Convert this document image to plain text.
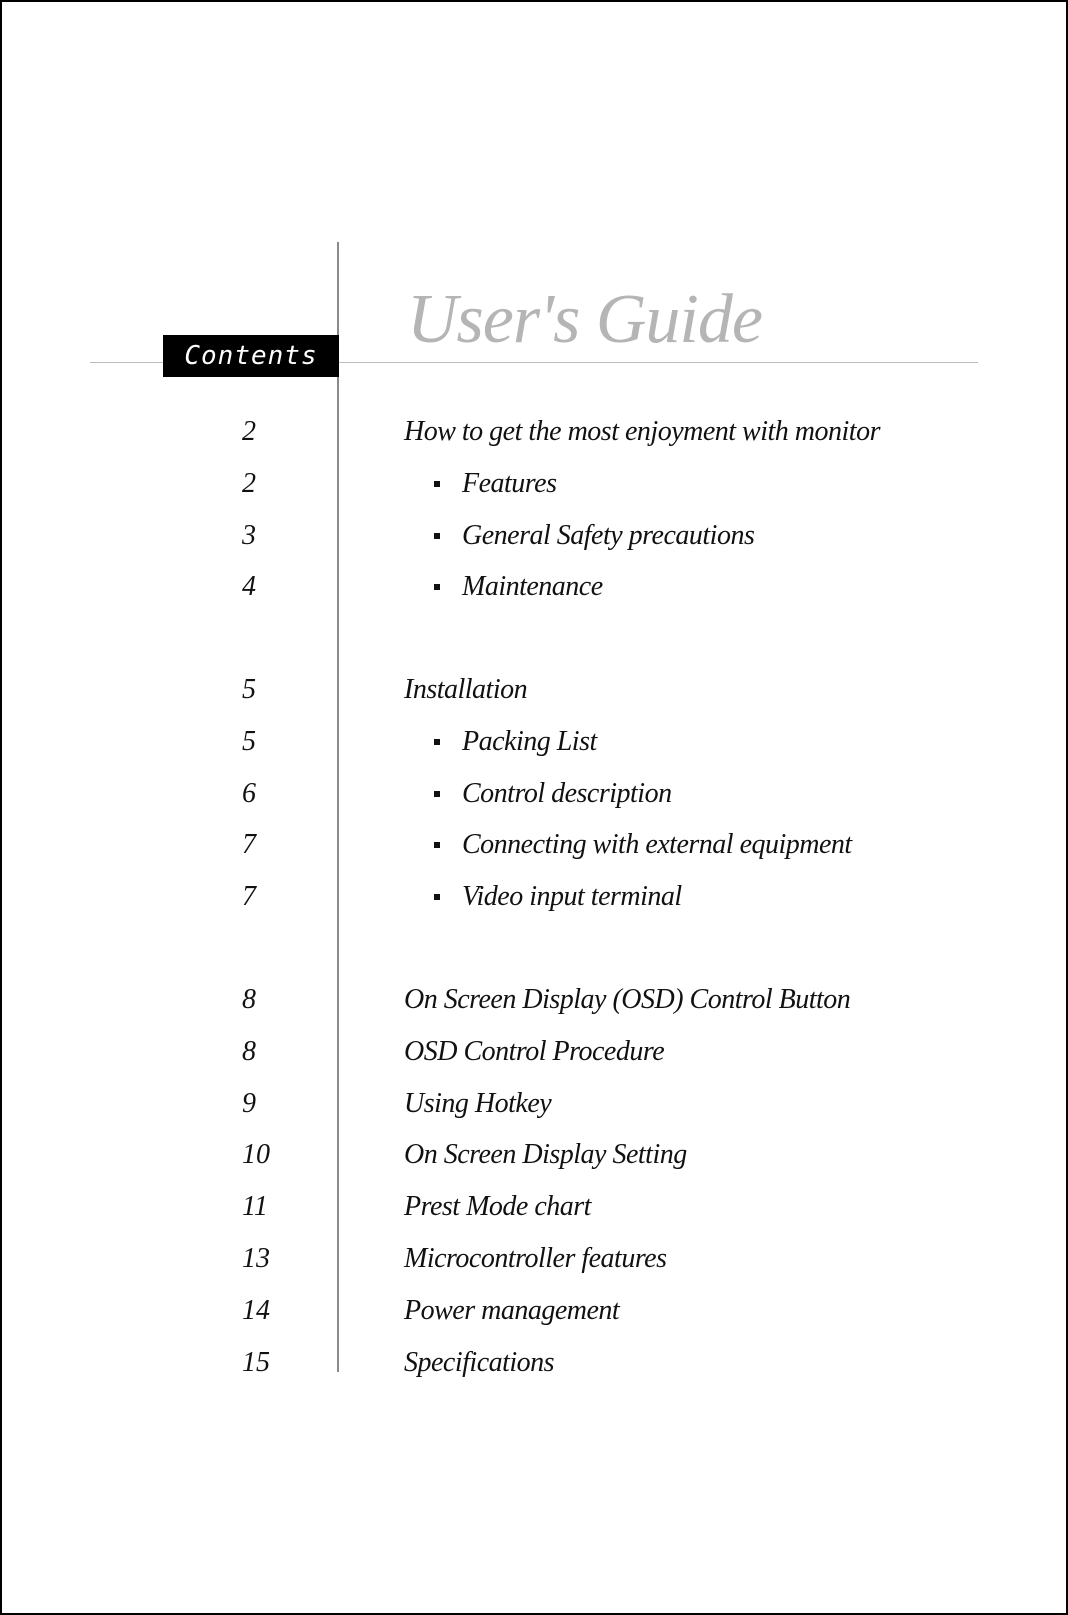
Contents	User's Guide
2	How to get the most enjoyment with monitor
2	Features
3	General Safety precautions
4	Maintenance
5	Installation
5	Packing List
6	Control description
7	Connecting with external equipment
7	Video input terminal
8	On Screen Display (OSD) Control Button
8	OSD Control Procedure
9	Using Hotkey
10	On Screen Display Setting
11	Prest Mode chart
13	Microcontroller features
14	Power management
15	Specifications
